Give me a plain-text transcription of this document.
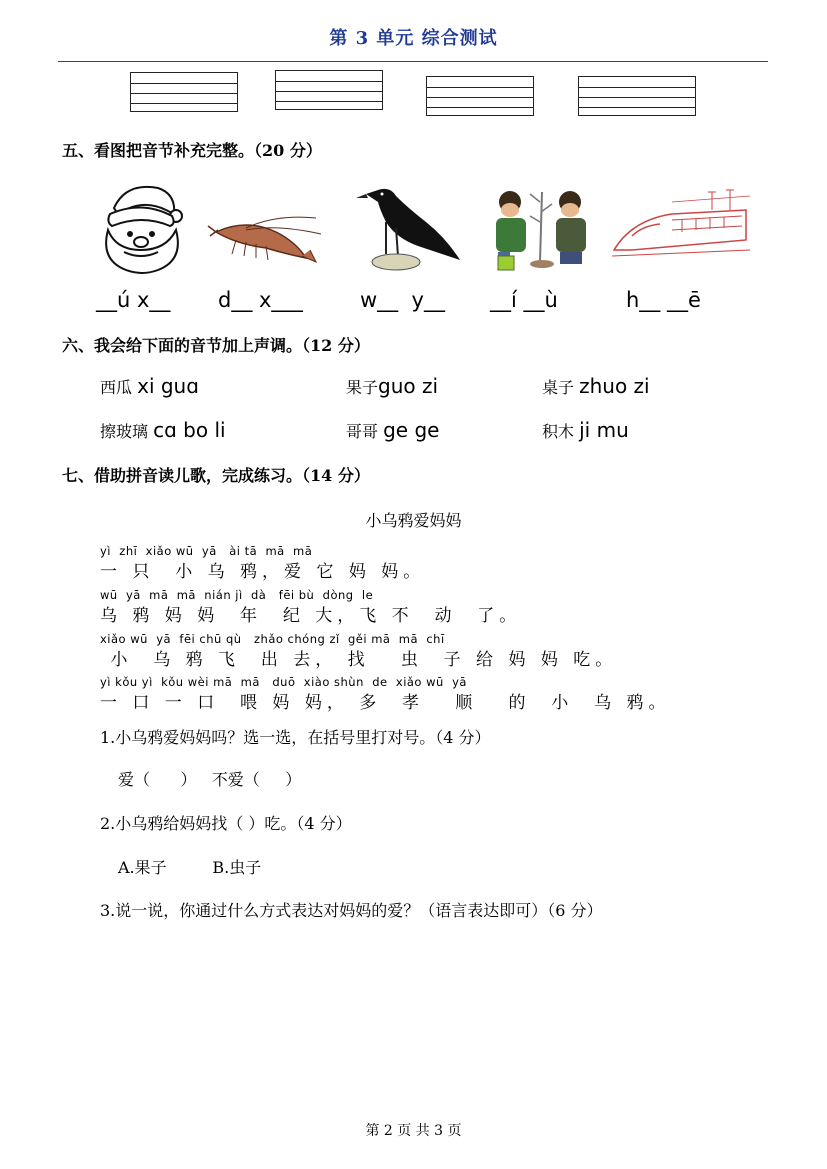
第 3 单元 综合测试
五、看图把音节补充完整。（20 分）
__ú x__ d__ x___	w__  y__ __í __ù	h__ __ē
六、我会给下面的音节加上声调。（12 分）
西瓜 xi guɑ	果子guo zi	桌子 zhuo zi
擦玻璃 cɑ bo li	哥哥 ge ge	积木 ji mu
七、借助拼音读儿歌，完成练习。（14 分）
小乌鸦爱妈妈
yì  zhī  xiǎo wū  yā   ài tā  mā  mā
一 只  小 乌 鸦，爱 它 妈 妈。
wū  yā  mā  mā  nián jì  dà   fēi bù  dòng  le
乌 鸦 妈 妈  年  纪 大，飞 不  动  了。
xiǎo wū  yā  fēi chū qù   zhǎo chóng zǐ  gěi mā  mā  chī
小  乌 鸦 飞  出 去， 找   虫  子 给 妈 妈 吃。
yì kǒu yì  kǒu wèi mā  mā   duō  xiào shùn  de  xiǎo wū  yā
一 口 一 口  喂 妈 妈， 多  孝   顺   的  小  乌 鸦。
1.小乌鸦爱妈妈吗？选一选，在括号里打对号。（4 分）
爱（      ）   不爱（     ）
2.小乌鸦给妈妈找（ ）吃。（4 分）
A.果子         B.虫子
3.说一说，你通过什么方式表达对妈妈的爱？（语言表达即可）（6 分）
第 2 页 共 3 页
